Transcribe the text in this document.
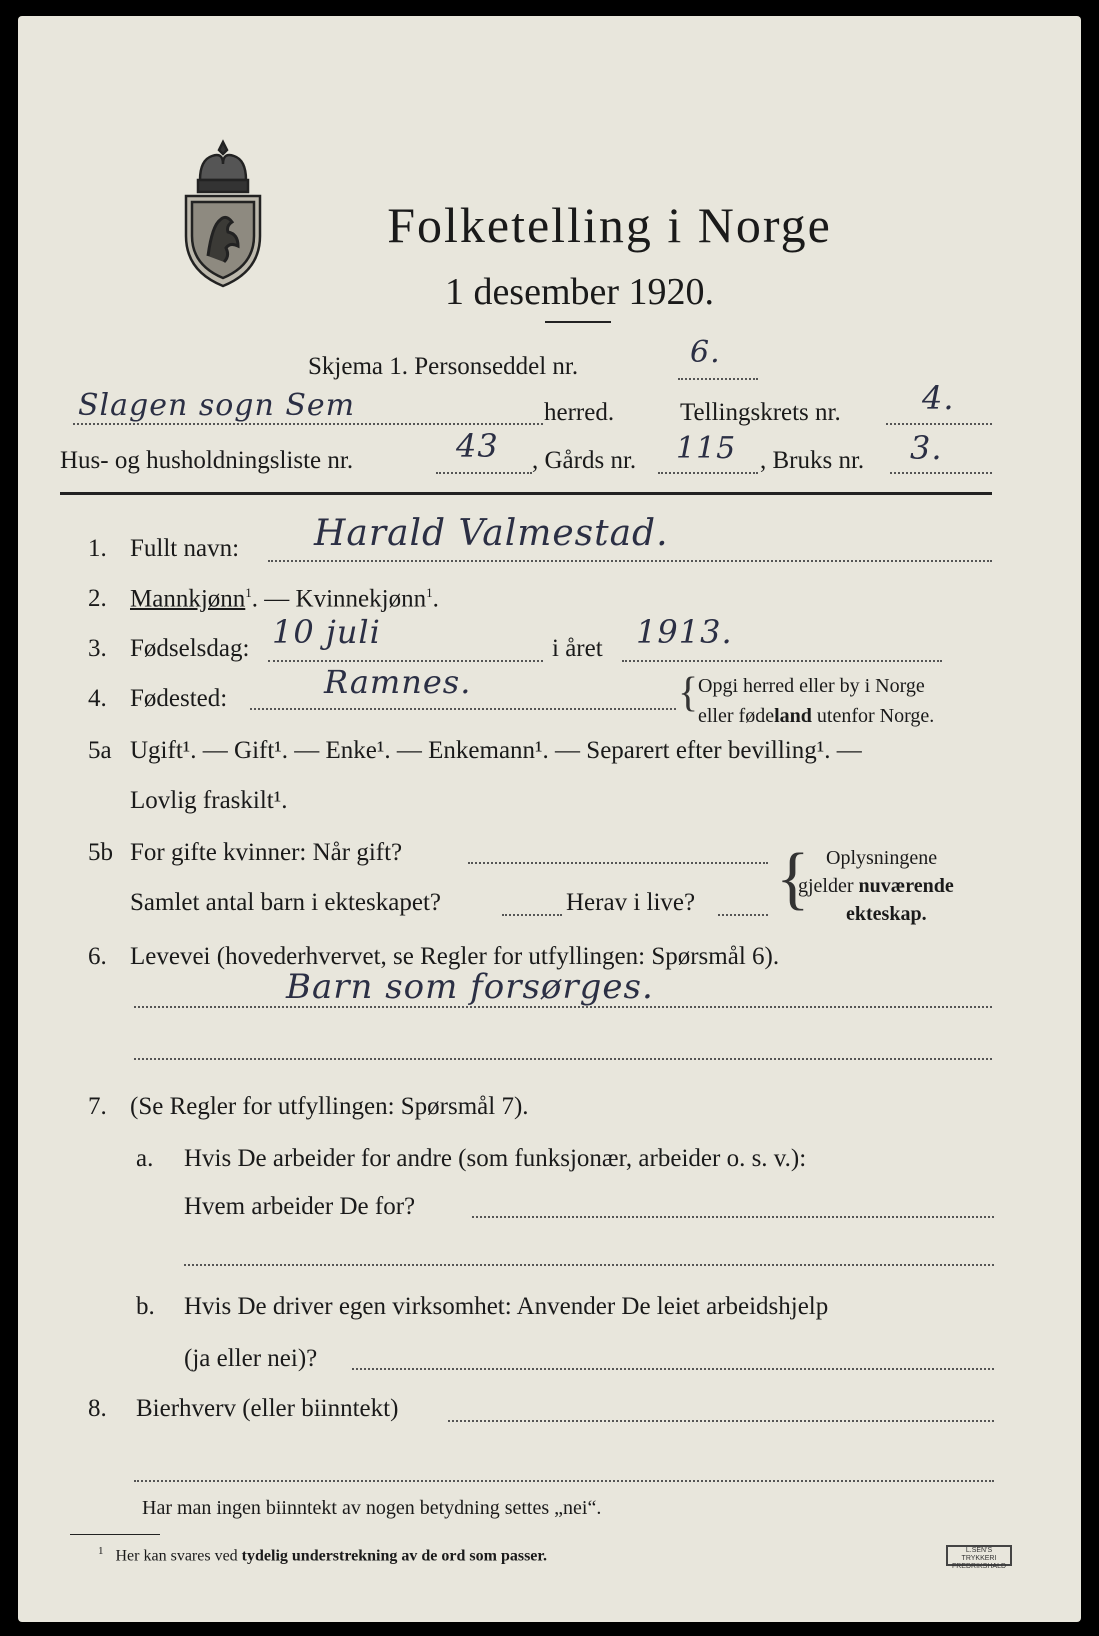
Folketelling i Norge
1 desember 1920.
Skjema 1. Personseddel nr.	6.
Slagen sogn Sem	herred.	Tellingskrets nr.	4.
Hus- og husholdningsliste nr.	43 , Gårds nr. 115 , Bruks nr. 3.
1. Fullt navn: Harald Valmestad.
2. Mannkjønn$^1$. — Kvinnekjønn$^1$.
3. Fødselsdag: 10 juli	i året 1913.
4. Fødested:	Ramnes.	{ Opgi herred eller by i Norge
eller fødeland utenfor Norge.
5a Ugift¹. — Gift¹. — Enke¹. — Enkemann¹. — Separert efter bevilling¹. —
Lovlig fraskilt¹.
5b For gifte kvinner: Når gift?
Samlet antal barn i ekteskapet?	Herav i live? { Oplysningene
gjelder nuværende
ekteskap.
6. Levevei (hovederhvervet, se Regler for utfyllingen: Spørsmål 6).
Barn som forsørges.
7. (Se Regler for utfyllingen: Spørsmål 7).
a. Hvis De arbeider for andre (som funksjonær, arbeider o. s. v.):
Hvem arbeider De for?
b. Hvis De driver egen virksomhet: Anvender De leiet arbeidshjelp
(ja eller nei)?
8. Bierhverv (eller biinntekt)
Har man ingen biinntekt av nogen betydning settes „nei“.
$^1$ Her kan svares ved tydelig understrekning av de ord som passer.	L.SEN'S TRYKKERI
FREDRIKSHALD
